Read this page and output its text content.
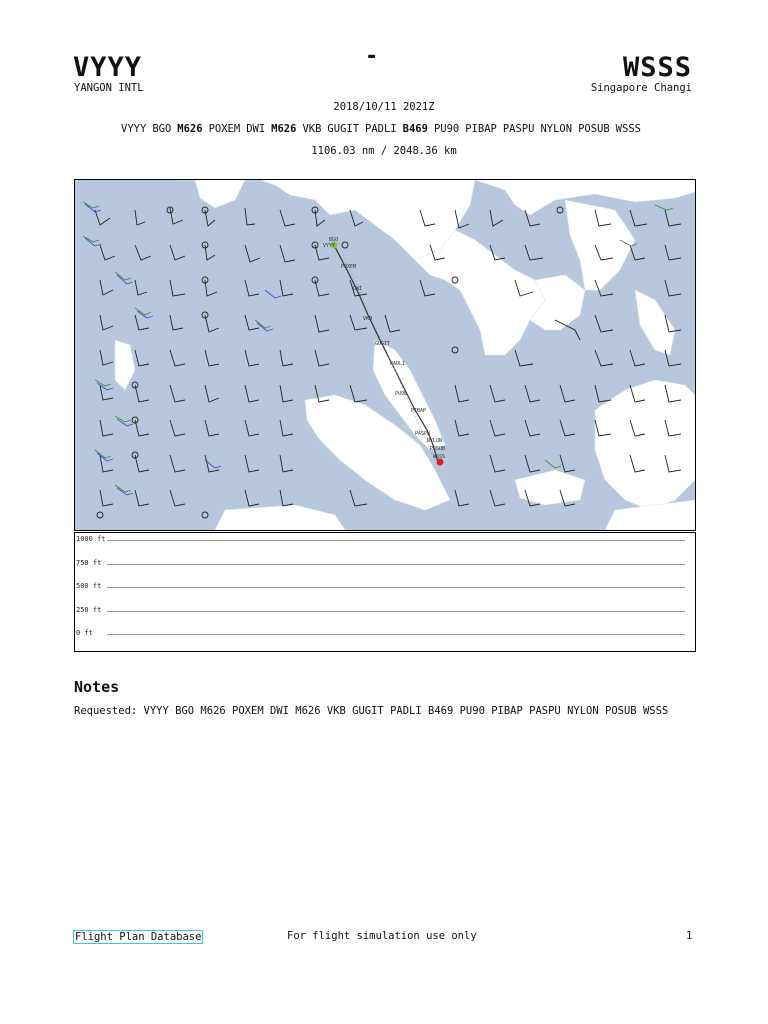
VYYY	-	WSSS
YANGON INTL	Singapore Changi
2018/10/11 2021Z
VYYY BGO M626 POXEM DWI M626 VKB GUGIT PADLI B469 PU90 PIBAP PASPU NYLON POSUB WSSS
1106.03 nm / 2048.36 km
BGO
VYYY
POXEM
DWI
VKB
GUGIT
PADLI
PU90
PIBAP
PASPU
NYLON
POSUB
WSSS
1000 ft
750 ft
500 ft
250 ft
0 ft
Notes
Requested: VYYY BGO M626 POXEM DWI M626 VKB GUGIT PADLI B469 PU90 PIBAP PASPU NYLON POSUB WSSS
Flight Plan Database	For flight simulation use only	1
